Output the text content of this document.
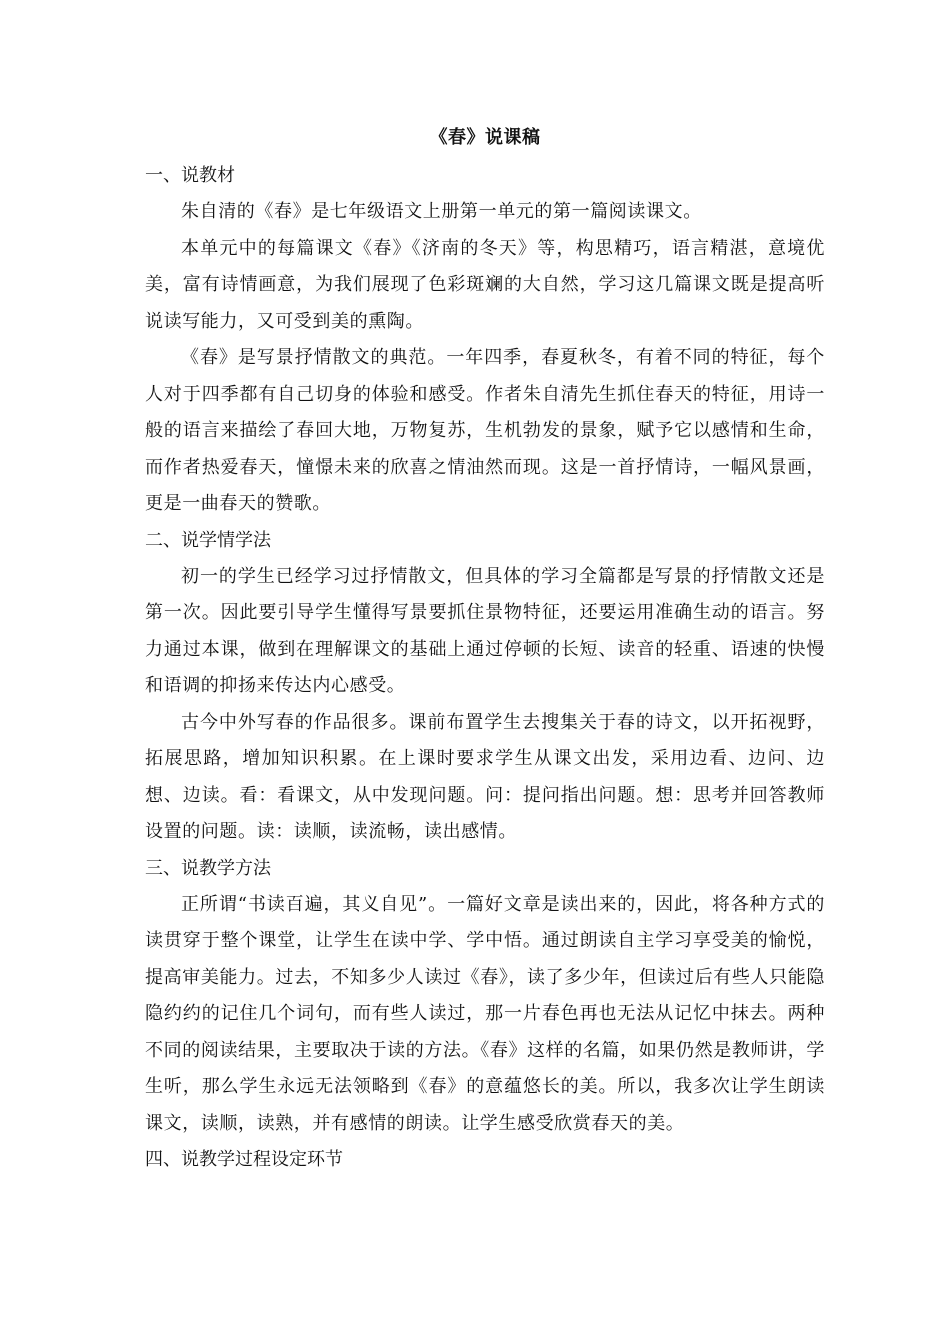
《春》说课稿
一、说教材

朱自清的《春》是七年级语文上册第一单元的第一篇阅读课文。

本单元中的每篇课文《春》《济南的冬天》等，构思精巧，语言精湛，意境优美，富有诗情画意，为我们展现了色彩斑斓的大自然，学习这几篇课文既是提高听说读写能力，又可受到美的熏陶。

《春》是写景抒情散文的典范。一年四季，春夏秋冬，有着不同的特征，每个人对于四季都有自己切身的体验和感受。作者朱自清先生抓住春天的特征，用诗一般的语言来描绘了春回大地，万物复苏，生机勃发的景象，赋予它以感情和生命，而作者热爱春天，憧憬未来的欣喜之情油然而现。这是一首抒情诗，一幅风景画，更是一曲春天的赞歌。

二、说学情学法

初一的学生已经学习过抒情散文，但具体的学习全篇都是写景的抒情散文还是第一次。因此要引导学生懂得写景要抓住景物特征，还要运用准确生动的语言。努力通过本课，做到在理解课文的基础上通过停顿的长短、读音的轻重、语速的快慢和语调的抑扬来传达内心感受。

古今中外写春的作品很多。课前布置学生去搜集关于春的诗文，以开拓视野，拓展思路，增加知识积累。在上课时要求学生从课文出发，采用边看、边问、边想、边读。看：看课文，从中发现问题。问：提问指出问题。想：思考并回答教师设置的问题。读：读顺，读流畅，读出感情。

三、说教学方法

正所谓“书读百遍，其义自见”。一篇好文章是读出来的，因此，将各种方式的读贯穿于整个课堂，让学生在读中学、学中悟。通过朗读自主学习享受美的愉悦，提高审美能力。过去，不知多少人读过《春》，读了多少年，但读过后有些人只能隐隐约约的记住几个词句，而有些人读过，那一片春色再也无法从记忆中抹去。两种不同的阅读结果，主要取决于读的方法。《春》这样的名篇，如果仍然是教师讲，学生听，那么学生永远无法领略到《春》的意蕴悠长的美。所以，我多次让学生朗读课文，读顺，读熟，并有感情的朗读。让学生感受欣赏春天的美。

四、说教学过程设定环节
